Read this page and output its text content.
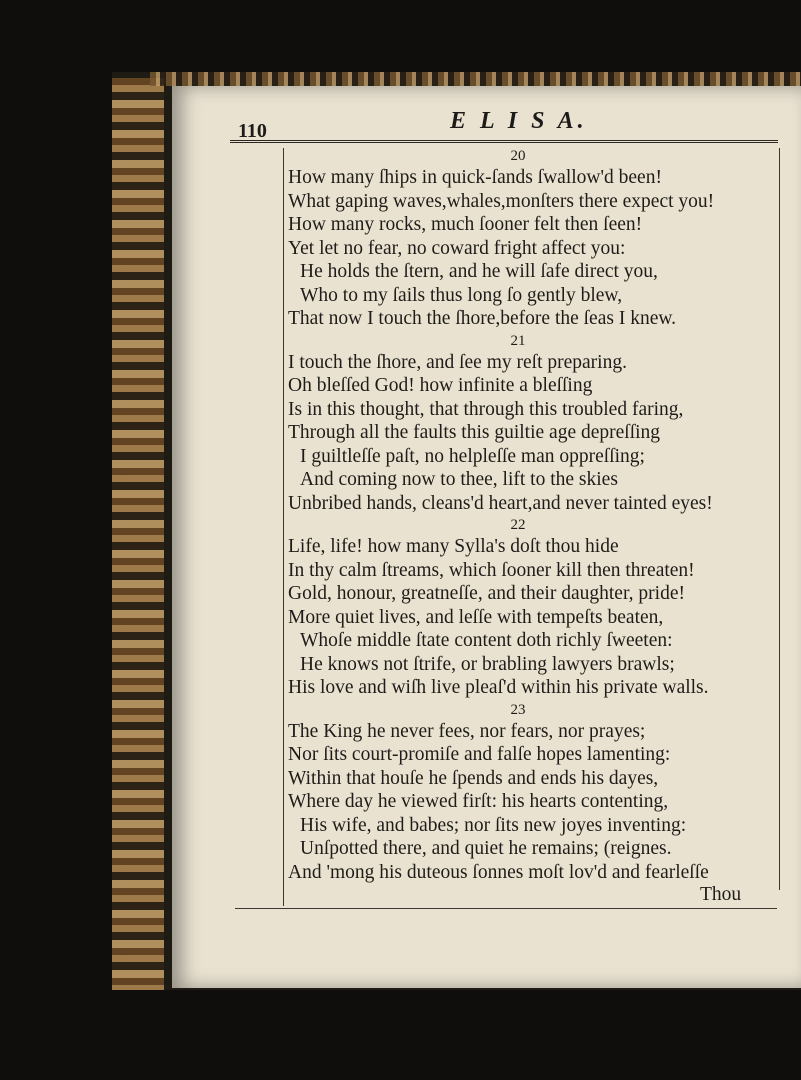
110	E L I S A.
20
How many ſhips in quick-ſands ſwallow'd been!
What gaping waves,whales,monſters there expect you!
How many rocks, much ſooner felt then ſeen!
Yet let no fear, no coward fright affect you:
He holds the ſtern, and he will ſafe direct you,
Who to my ſails thus long ſo gently blew,
That now I touch the ſhore,before the ſeas I knew.
21
I touch the ſhore, and ſee my reſt preparing.
Oh bleſſed God! how infinite a bleſſing
Is in this thought, that through this troubled faring,
Through all the faults this guiltie age depreſſing
I guiltleſſe paſt, no helpleſſe man oppreſſing;
And coming now to thee, lift to the skies
Unbribed hands, cleans'd heart,and never tainted eyes!
22
Life, life! how many Sylla's doſt thou hide
In thy calm ſtreams, which ſooner kill then threaten!
Gold, honour, greatneſſe, and their daughter, pride!
More quiet lives, and leſſe with tempeſts beaten,
Whoſe middle ſtate content doth richly ſweeten:
He knows not ſtrife, or brabling lawyers brawls;
His love and wiſh live pleaſ'd within his private walls.
23
The King he never fees, nor fears, nor prayes;
Nor ſits court-promiſe and falſe hopes lamenting:
Within that houſe he ſpends and ends his dayes,
Where day he viewed firſt: his hearts contenting,
His wife, and babes; nor ſits new joyes inventing:
Unſpotted there, and quiet he remains; (reignes.
And 'mong his duteous ſonnes moſt lov'd and fearleſſe
Thou
